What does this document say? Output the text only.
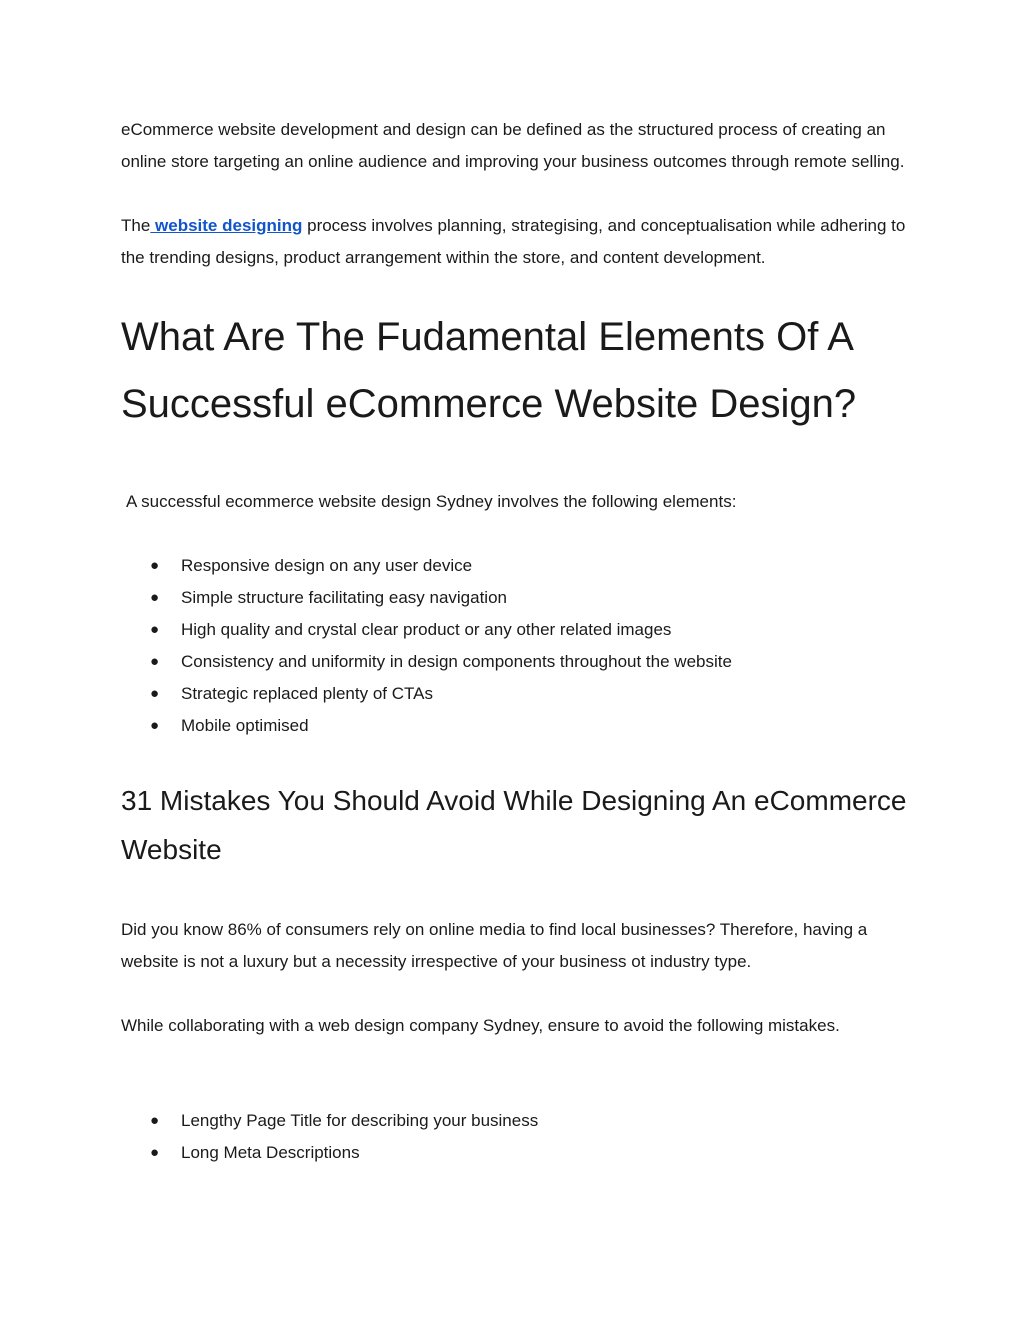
eCommerce website development and design can be defined as the structured process of creating an online store targeting an online audience and improving your business outcomes through remote selling.

The website designing process involves planning, strategising, and conceptualisation while adhering to the trending designs, product arrangement within the store, and content development.

What Are The Fudamental Elements Of A Successful eCommerce Website Design?

A successful ecommerce website design Sydney involves the following elements:

● Responsive design on any user device
● Simple structure facilitating easy navigation
● High quality and crystal clear product or any other related images
● Consistency and uniformity in design components throughout the website
● Strategic replaced plenty of CTAs
● Mobile optimised
31 Mistakes You Should Avoid While Designing An eCommerce Website

Did you know 86% of consumers rely on online media to find local businesses? Therefore, having a website is not a luxury but a necessity irrespective of your business ot industry type.

While collaborating with a web design company Sydney, ensure to avoid the following mistakes.

● Lengthy Page Title for describing your business
● Long Meta Descriptions
